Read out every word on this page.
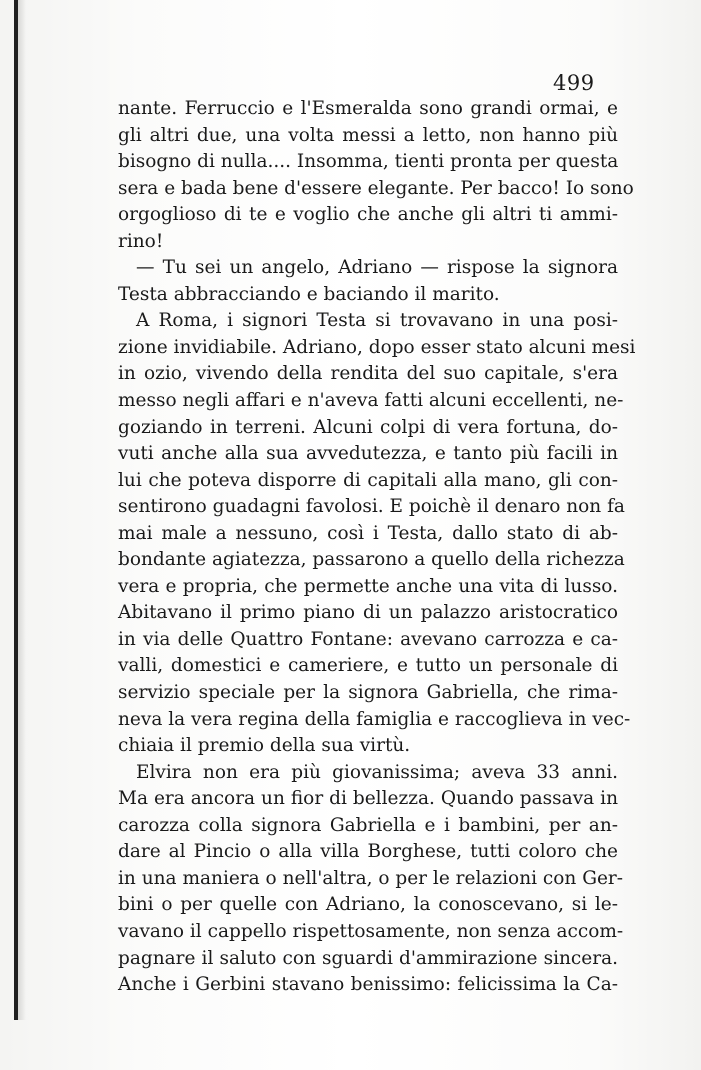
499
nante. Ferruccio e l'Esmeralda sono grandi ormai, e
gli altri due, una volta messi a letto, non hanno più
bisogno di nulla.... Insomma, tienti pronta per questa
sera e bada bene d'essere elegante. Per bacco! Io sono
orgoglioso di te e voglio che anche gli altri ti ammi-
rino!
— Tu sei un angelo, Adriano — rispose la signora
Testa abbracciando e baciando il marito.
A Roma, i signori Testa si trovavano in una posi-
zione invidiabile. Adriano, dopo esser stato alcuni mesi
in ozio, vivendo della rendita del suo capitale, s'era
messo negli affari e n'aveva fatti alcuni eccellenti, ne-
goziando in terreni. Alcuni colpi di vera fortuna, do-
vuti anche alla sua avvedutezza, e tanto più facili in
lui che poteva disporre di capitali alla mano, gli con-
sentirono guadagni favolosi. E poichè il denaro non fa
mai male a nessuno, così i Testa, dallo stato di ab-
bondante agiatezza, passarono a quello della richezza
vera e propria, che permette anche una vita di lusso.
Abitavano il primo piano di un palazzo aristocratico
in via delle Quattro Fontane: avevano carrozza e ca-
valli, domestici e cameriere, e tutto un personale di
servizio speciale per la signora Gabriella, che rima-
neva la vera regina della famiglia e raccoglieva in vec-
chiaia il premio della sua virtù.
Elvira non era più giovanissima; aveva 33 anni.
Ma era ancora un fior di bellezza. Quando passava in
carozza colla signora Gabriella e i bambini, per an-
dare al Pincio o alla villa Borghese, tutti coloro che
in una maniera o nell'altra, o per le relazioni con Ger-
bini o per quelle con Adriano, la conoscevano, si le-
vavano il cappello rispettosamente, non senza accom-
pagnare il saluto con sguardi d'ammirazione sincera.
Anche i Gerbini stavano benissimo: felicissima la Ca-
